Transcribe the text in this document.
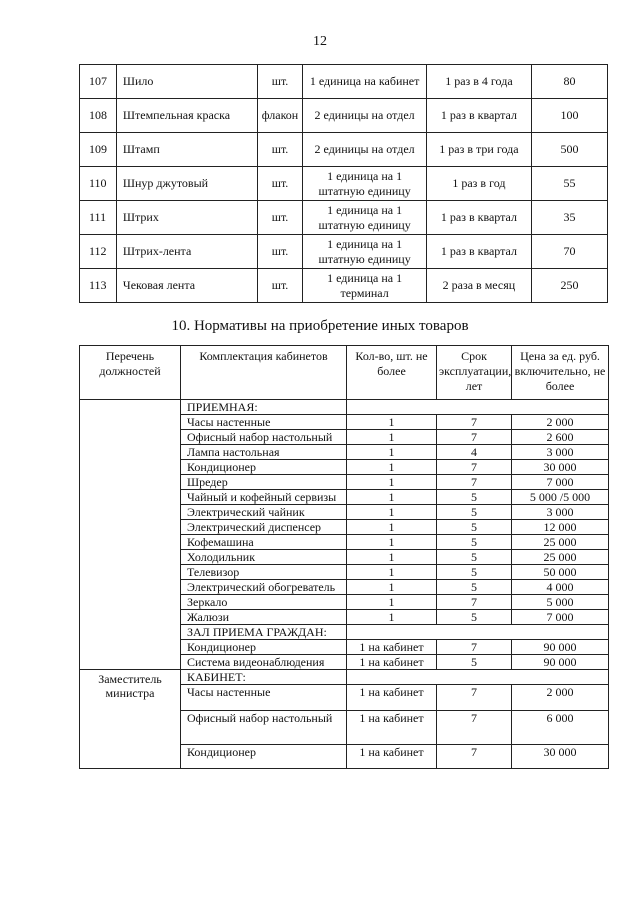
12
107	Шило	шт.	1 единица на кабинет	1 раз в 4 года	80
108	Штемпельная краска	флакон	2 единицы на отдел	1 раз в квартал	100
109	Штамп	шт.	2 единицы на отдел	1 раз в три года	500
110	Шнур джутовый	шт.	1 единица на 1 штатную единицу	1 раз в год	55
111	Штрих	шт.	1 единица на 1 штатную единицу	1 раз в квартал	35
112	Штрих-лента	шт.	1 единица на 1 штатную единицу	1 раз в квартал	70
113	Чековая лента	шт.	1 единица на 1 терминал	2 раза в месяц	250
10. Нормативы на приобретение иных товаров
Перечень должностей	Комплектация кабинетов	Кол-во, шт. не более	Срок эксплуатации, лет	Цена за ед. руб. включительно, не более
	ПРИЕМНАЯ:			
	Часы настенные	1	7	2 000
	Офисный набор настольный	1	7	2 600
	Лампа настольная	1	4	3 000
	Кондиционер	1	7	30 000
	Шредер	1	7	7 000
	Чайный и кофейный сервизы	1	5	5 000 /5 000
	Электрический чайник	1	5	3 000
	Электрический диспенсер	1	5	12 000
	Кофемашина	1	5	25 000
	Холодильник	1	5	25 000
	Телевизор	1	5	50 000
	Электрический обогреватель	1	5	4 000
	Зеркало	1	7	5 000
	Жалюзи	1	5	7 000
	ЗАЛ ПРИЕМА ГРАЖДАН:			
	Кондиционер	1 на кабинет	7	90 000
	Система видеонаблюдения	1 на кабинет	5	90 000
Заместитель министра	КАБИНЕТ:			
	Часы настенные	1 на кабинет	7	2 000
	Офисный набор настольный	1 на кабинет	7	6 000
	Кондиционер	1 на кабинет	7	30 000
